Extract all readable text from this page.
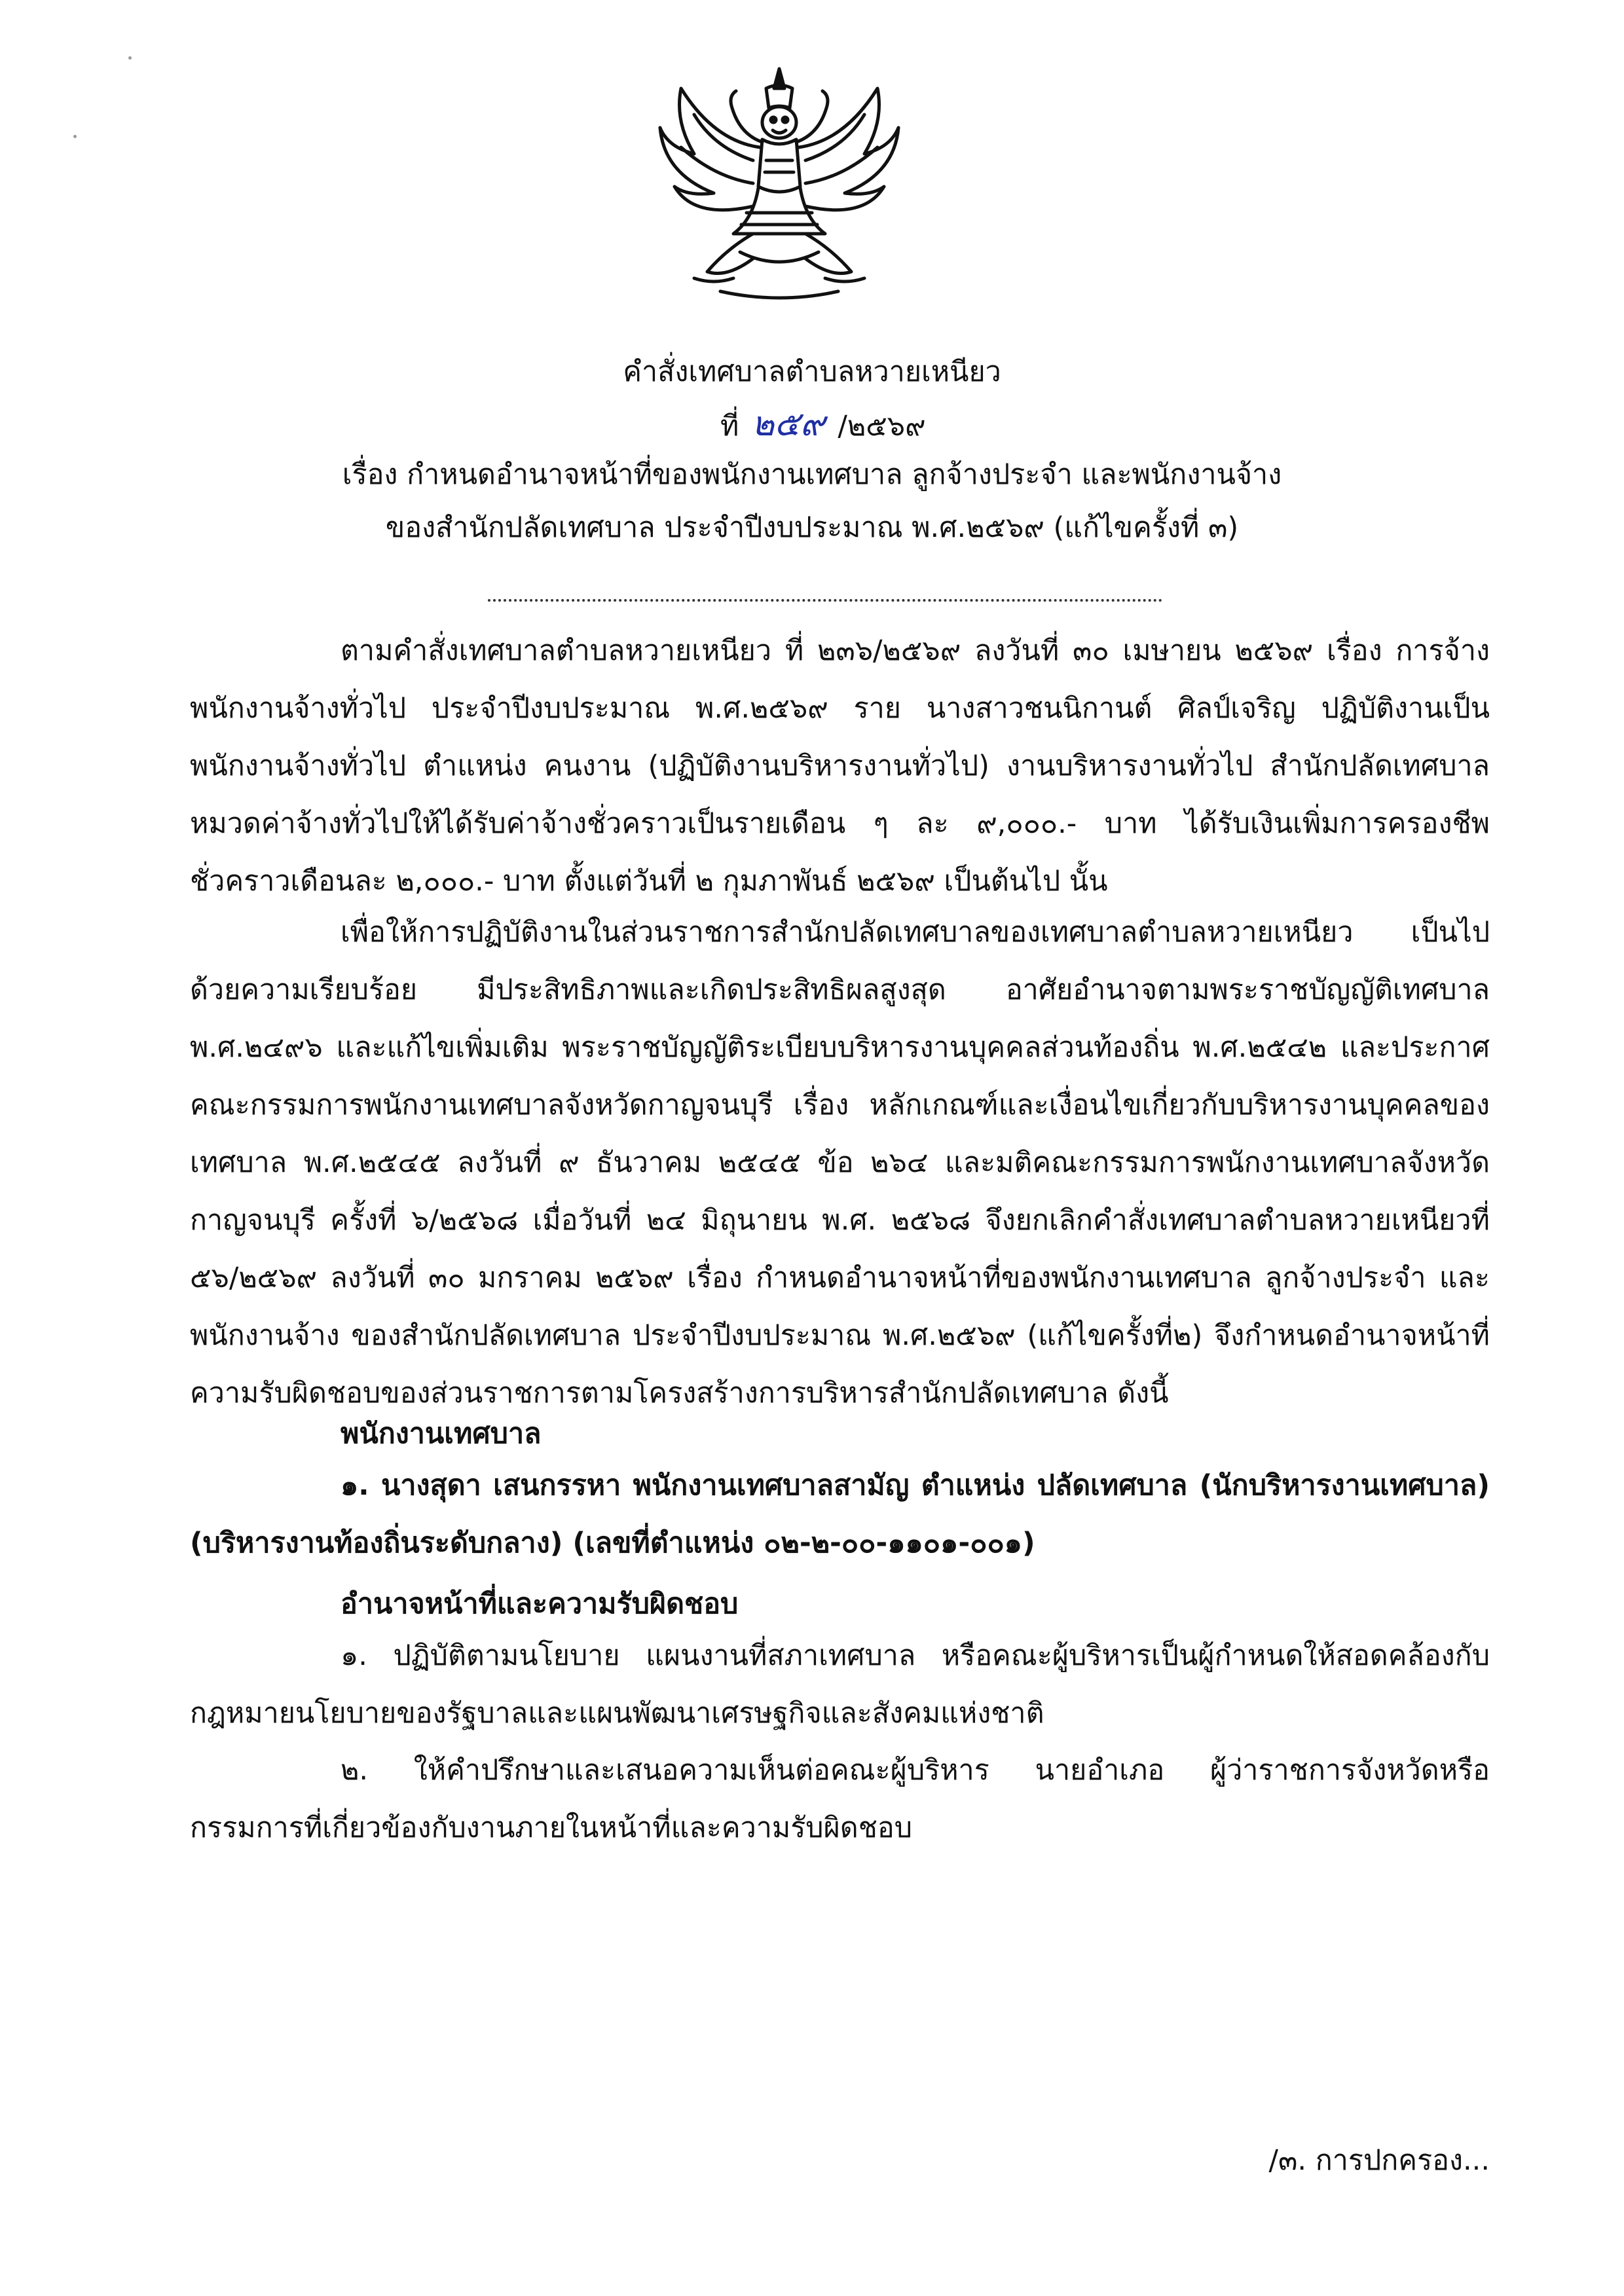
คำสั่งเทศบาลตำบลหวายเหนียว
ที่ ๒๕๙ /๒๕๖๙
เรื่อง กำหนดอำนาจหน้าที่ของพนักงานเทศบาล ลูกจ้างประจำ และพนักงานจ้าง
ของสำนักปลัดเทศบาล ประจำปีงบประมาณ พ.ศ.๒๕๖๙ (แก้ไขครั้งที่ ๓)

ตามคำสั่งเทศบาลตำบลหวายเหนียว ที่ ๒๓๖/๒๕๖๙ ลงวันที่ ๓๐ เมษายน ๒๕๖๙ เรื่อง การจ้างพนักงานจ้างทั่วไป ประจำปีงบประมาณ พ.ศ.๒๕๖๙ ราย นางสาวชนนิกานต์ ศิลป์เจริญ ปฏิบัติงานเป็นพนักงานจ้างทั่วไป ตำแหน่ง คนงาน (ปฏิบัติงานบริหารงานทั่วไป) งานบริหารงานทั่วไป สำนักปลัดเทศบาล หมวดค่าจ้างทั่วไปให้ได้รับค่าจ้างชั่วคราวเป็นรายเดือน ๆ ละ ๙,๐๐๐.- บาท ได้รับเงินเพิ่มการครองชีพชั่วคราวเดือนละ ๒,๐๐๐.- บาท ตั้งแต่วันที่ ๒ กุมภาพันธ์ ๒๕๖๙ เป็นต้นไป นั้น

เพื่อให้การปฏิบัติงานในส่วนราชการสำนักปลัดเทศบาลของเทศบาลตำบลหวายเหนียว เป็นไปด้วยความเรียบร้อย มีประสิทธิภาพและเกิดประสิทธิผลสูงสุด อาศัยอำนาจตามพระราชบัญญัติเทศบาล พ.ศ.๒๔๙๖ และแก้ไขเพิ่มเติม พระราชบัญญัติระเบียบบริหารงานบุคคลส่วนท้องถิ่น พ.ศ.๒๕๔๒ และประกาศคณะกรรมการพนักงานเทศบาลจังหวัดกาญจนบุรี เรื่อง หลักเกณฑ์และเงื่อนไขเกี่ยวกับบริหารงานบุคคลของเทศบาล พ.ศ.๒๕๔๕ ลงวันที่ ๙ ธันวาคม ๒๕๔๕ ข้อ ๒๖๔ และมติคณะกรรมการพนักงานเทศบาลจังหวัดกาญจนบุรี ครั้งที่ ๖/๒๕๖๘ เมื่อวันที่ ๒๔ มิถุนายน พ.ศ. ๒๕๖๘ จึงยกเลิกคำสั่งเทศบาลตำบลหวายเหนียวที่ ๕๖/๒๕๖๙ ลงวันที่ ๓๐ มกราคม ๒๕๖๙ เรื่อง กำหนดอำนาจหน้าที่ของพนักงานเทศบาล ลูกจ้างประจำ และพนักงานจ้าง ของสำนักปลัดเทศบาล ประจำปีงบประมาณ พ.ศ.๒๕๖๙ (แก้ไขครั้งที่๒) จึงกำหนดอำนาจหน้าที่ความรับผิดชอบของส่วนราชการตามโครงสร้างการบริหารสำนักปลัดเทศบาล ดังนี้

พนักงานเทศบาล

๑. นางสุดา เสนกรรหา พนักงานเทศบาลสามัญ ตำแหน่ง ปลัดเทศบาล (นักบริหารงานเทศบาล) (บริหารงานท้องถิ่นระดับกลาง) (เลขที่ตำแหน่ง ๐๒-๒-๐๐-๑๑๐๑-๐๐๑)

อำนาจหน้าที่และความรับผิดชอบ

๑. ปฏิบัติตามนโยบาย แผนงานที่สภาเทศบาล หรือคณะผู้บริหารเป็นผู้กำหนดให้สอดคล้องกับกฎหมายนโยบายของรัฐบาลและแผนพัฒนาเศรษฐกิจและสังคมแห่งชาติ

๒. ให้คำปรึกษาและเสนอความเห็นต่อคณะผู้บริหาร นายอำเภอ ผู้ว่าราชการจังหวัดหรือกรรมการที่เกี่ยวข้องกับงานภายในหน้าที่และความรับผิดชอบ

/๓. การปกครอง...
